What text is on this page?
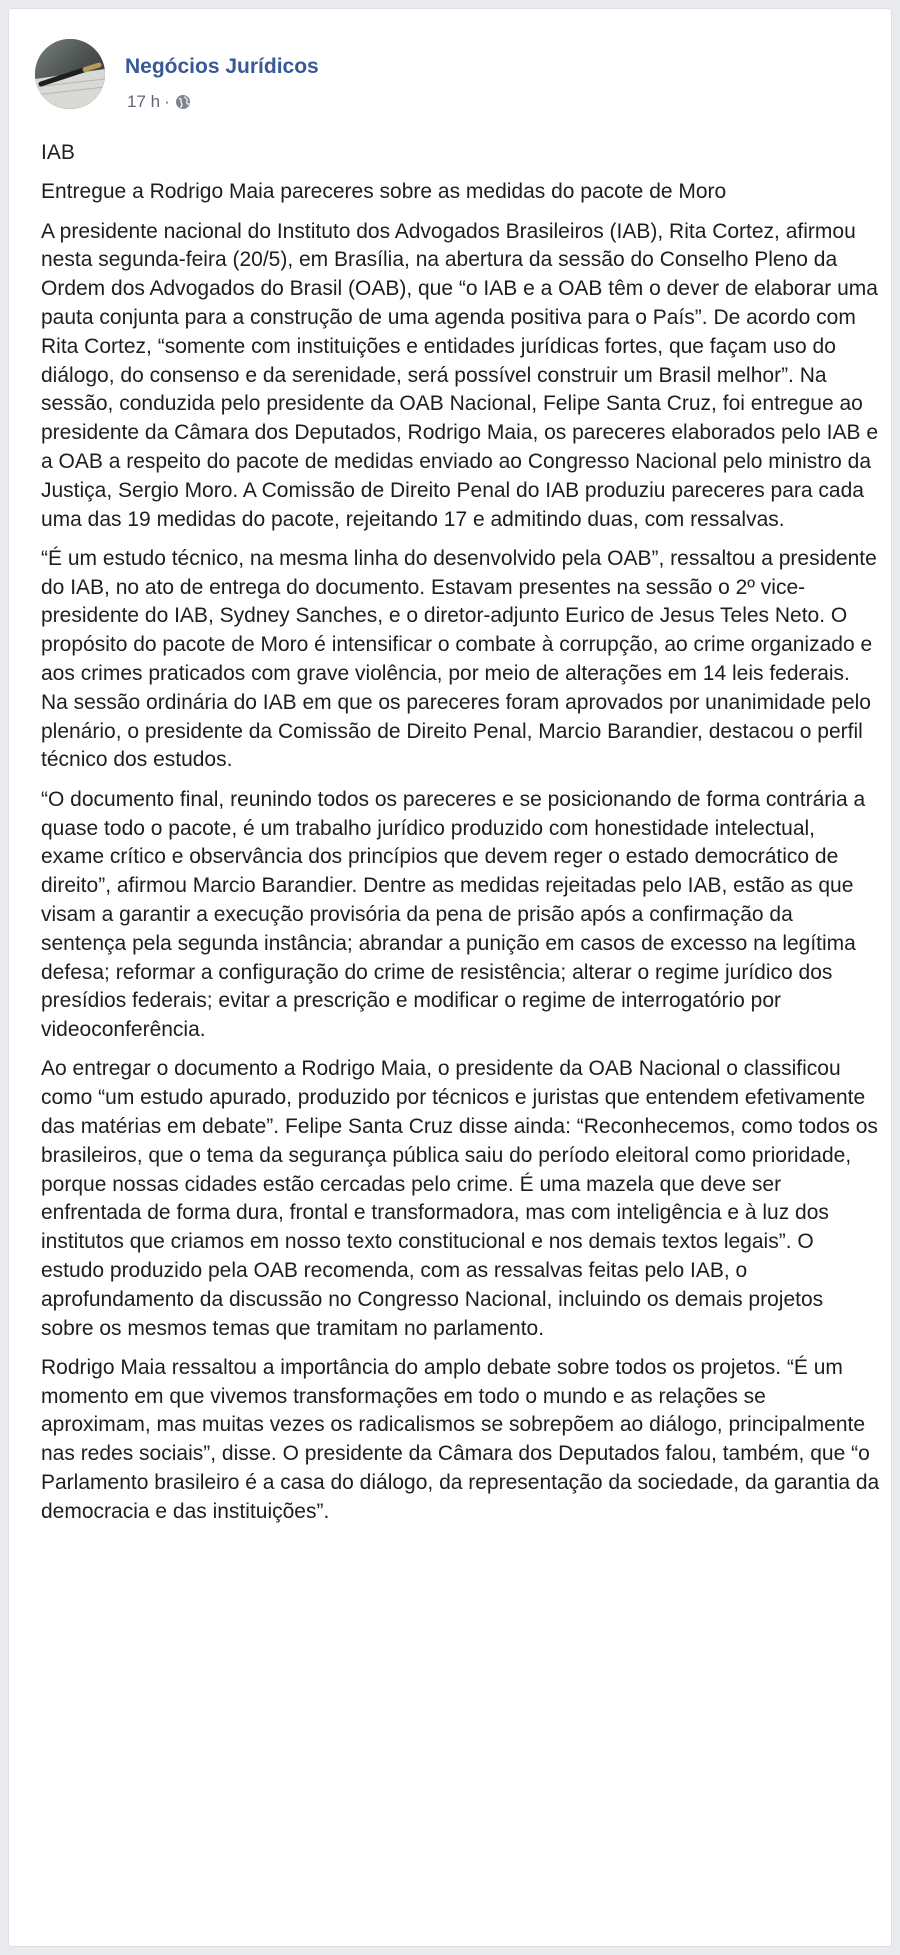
Negócios Jurídicos
17 h ·

IAB

Entregue a Rodrigo Maia pareceres sobre as medidas do pacote de Moro

A presidente nacional do Instituto dos Advogados Brasileiros (IAB), Rita Cortez, afirmou nesta segunda-feira (20/5), em Brasília, na abertura da sessão do Conselho Pleno da Ordem dos Advogados do Brasil (OAB), que “o IAB e a OAB têm o dever de elaborar uma pauta conjunta para a construção de uma agenda positiva para o País”. De acordo com Rita Cortez, “somente com instituições e entidades jurídicas fortes, que façam uso do diálogo, do consenso e da serenidade, será possível construir um Brasil melhor”. Na sessão, conduzida pelo presidente da OAB Nacional, Felipe Santa Cruz, foi entregue ao presidente da Câmara dos Deputados, Rodrigo Maia, os pareceres elaborados pelo IAB e a OAB a respeito do pacote de medidas enviado ao Congresso Nacional pelo ministro da Justiça, Sergio Moro. A Comissão de Direito Penal do IAB produziu pareceres para cada uma das 19 medidas do pacote, rejeitando 17 e admitindo duas, com ressalvas.

“É um estudo técnico, na mesma linha do desenvolvido pela OAB”, ressaltou a presidente do IAB, no ato de entrega do documento. Estavam presentes na sessão o 2º vice-presidente do IAB, Sydney Sanches, e o diretor-adjunto Eurico de Jesus Teles Neto. O propósito do pacote de Moro é intensificar o combate à corrupção, ao crime organizado e aos crimes praticados com grave violência, por meio de alterações em 14 leis federais. Na sessão ordinária do IAB em que os pareceres foram aprovados por unanimidade pelo plenário, o presidente da Comissão de Direito Penal, Marcio Barandier, destacou o perfil técnico dos estudos.

“O documento final, reunindo todos os pareceres e se posicionando de forma contrária a quase todo o pacote, é um trabalho jurídico produzido com honestidade intelectual, exame crítico e observância dos princípios que devem reger o estado democrático de direito”, afirmou Marcio Barandier. Dentre as medidas rejeitadas pelo IAB, estão as que visam a garantir a execução provisória da pena de prisão após a confirmação da sentença pela segunda instância; abrandar a punição em casos de excesso na legítima defesa; reformar a configuração do crime de resistência; alterar o regime jurídico dos presídios federais; evitar a prescrição e modificar o regime de interrogatório por videoconferência.

Ao entregar o documento a Rodrigo Maia, o presidente da OAB Nacional o classificou como “um estudo apurado, produzido por técnicos e juristas que entendem efetivamente das matérias em debate”. Felipe Santa Cruz disse ainda: “Reconhecemos, como todos os brasileiros, que o tema da segurança pública saiu do período eleitoral como prioridade, porque nossas cidades estão cercadas pelo crime. É uma mazela que deve ser enfrentada de forma dura, frontal e transformadora, mas com inteligência e à luz dos institutos que criamos em nosso texto constitucional e nos demais textos legais”. O estudo produzido pela OAB recomenda, com as ressalvas feitas pelo IAB, o aprofundamento da discussão no Congresso Nacional, incluindo os demais projetos sobre os mesmos temas que tramitam no parlamento.

Rodrigo Maia ressaltou a importância do amplo debate sobre todos os projetos. “É um momento em que vivemos transformações em todo o mundo e as relações se aproximam, mas muitas vezes os radicalismos se sobrepõem ao diálogo, principalmente nas redes sociais”, disse. O presidente da Câmara dos Deputados falou, também, que “o Parlamento brasileiro é a casa do diálogo, da representação da sociedade, da garantia da democracia e das instituições”.
